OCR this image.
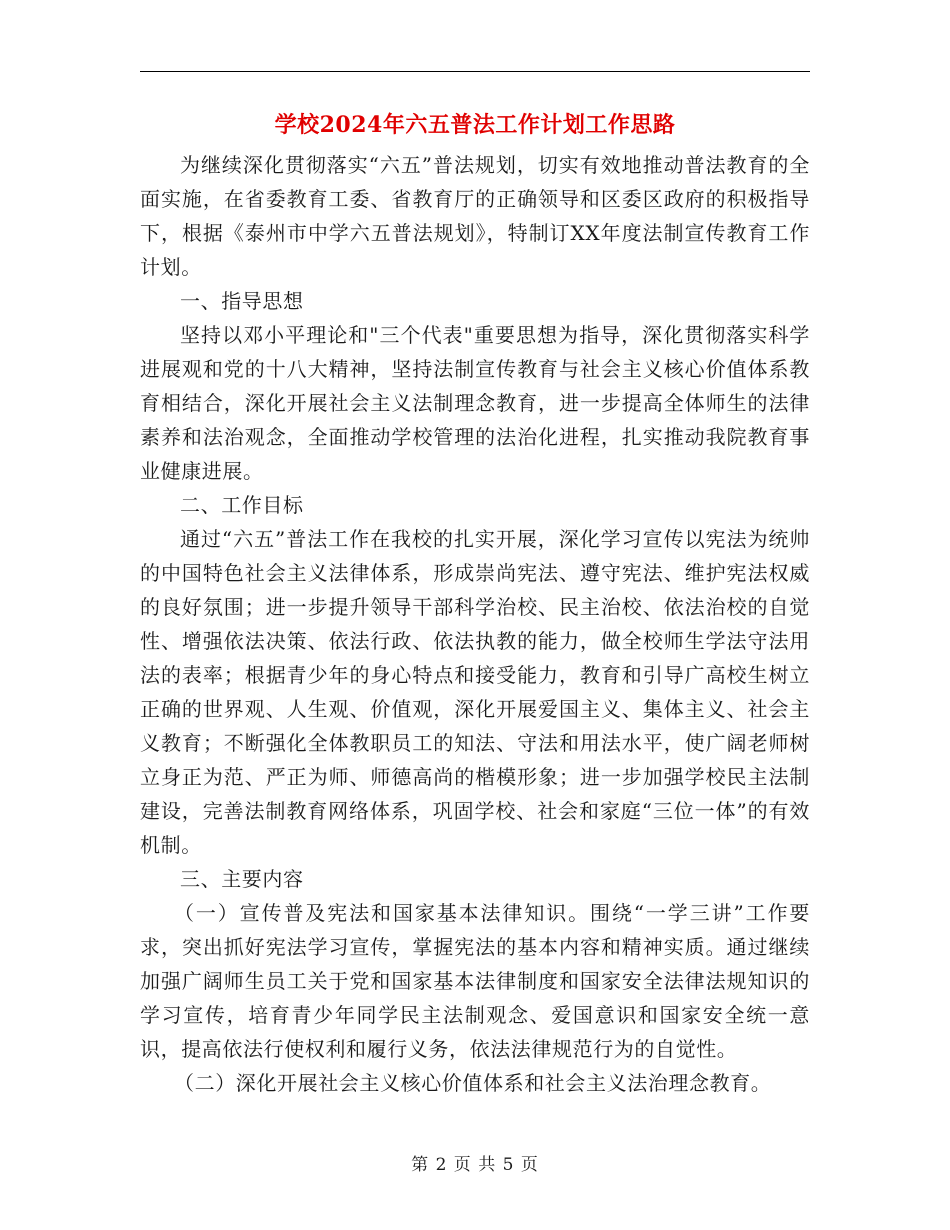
学校2024年六五普法工作计划工作思路

为继续深化贯彻落实“六五”普法规划，切实有效地推动普法教育的全面实施，在省委教育工委、省教育厅的正确领导和区委区政府的积极指导下，根据《泰州市中学六五普法规划》，特制订XX年度法制宣传教育工作计划。

一、指导思想

坚持以邓小平理论和"三个代表"重要思想为指导，深化贯彻落实科学进展观和党的十八大精神，坚持法制宣传教育与社会主义核心价值体系教育相结合，深化开展社会主义法制理念教育，进一步提高全体师生的法律素养和法治观念，全面推动学校管理的法治化进程，扎实推动我院教育事业健康进展。

二、工作目标

通过“六五”普法工作在我校的扎实开展，深化学习宣传以宪法为统帅的中国特色社会主义法律体系，形成崇尚宪法、遵守宪法、维护宪法权威的良好氛围；进一步提升领导干部科学治校、民主治校、依法治校的自觉性、增强依法决策、依法行政、依法执教的能力，做全校师生学法守法用法的表率；根据青少年的身心特点和接受能力，教育和引导广高校生树立正确的世界观、人生观、价值观，深化开展爱国主义、集体主义、社会主义教育；不断强化全体教职员工的知法、守法和用法水平，使广阔老师树立身正为范、严正为师、师德高尚的楷模形象；进一步加强学校民主法制建设，完善法制教育网络体系，巩固学校、社会和家庭“三位一体”的有效机制。

三、主要内容

（一）宣传普及宪法和国家基本法律知识。围绕“一学三讲”工作要求，突出抓好宪法学习宣传，掌握宪法的基本内容和精神实质。通过继续加强广阔师生员工关于党和国家基本法律制度和国家安全法律法规知识的学习宣传，培育青少年同学民主法制观念、爱国意识和国家安全统一意识，提高依法行使权利和履行义务，依法法律规范行为的自觉性。

（二）深化开展社会主义核心价值体系和社会主义法治理念教育。

第 2 页 共 5 页
